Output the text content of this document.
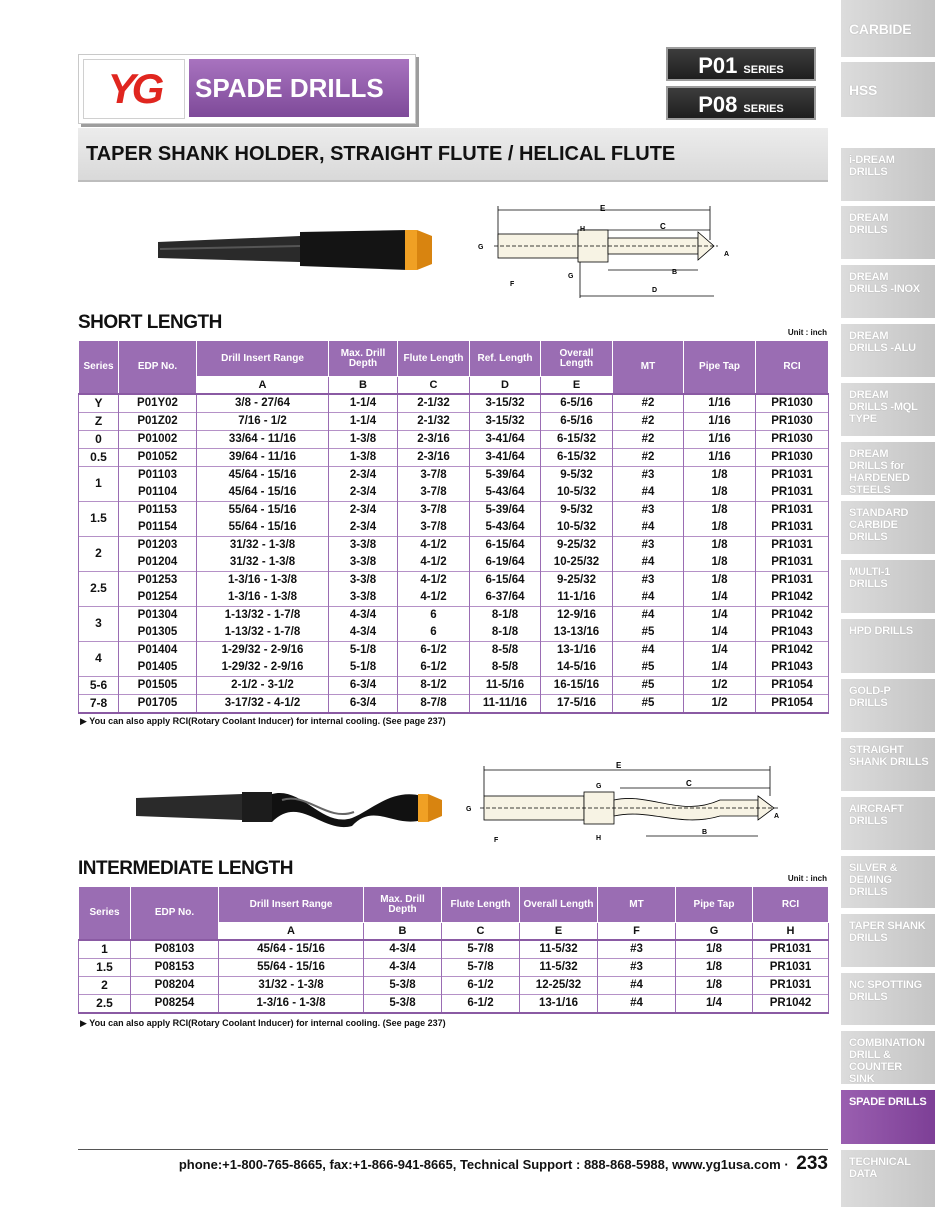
CARBIDE
HSS
i-DREAM DRILLS
DREAM DRILLS
DREAM DRILLS -INOX
DREAM DRILLS -ALU
DREAM DRILLS -MQL TYPE
DREAM DRILLS for HARDENED STEELS
STANDARD CARBIDE DRILLS
MULTI-1 DRILLS
HPD DRILLS
GOLD-P DRILLS
STRAIGHT SHANK DRILLS
AIRCRAFT DRILLS
SILVER & DEMING DRILLS
TAPER SHANK DRILLS
NC SPOTTING DRILLS
COMBINATION DRILL & COUNTER SINK
SPADE DRILLS
TECHNICAL DATA
YG SPADE DRILLS
P01 SERIES
P08 SERIES
TAPER SHANK HOLDER, STRAIGHT FLUTE / HELICAL FLUTE
E
C
H
G
A
B
G
F
D
SHORT LENGTH	Unit : inch
Series	EDP No.	Drill Insert Range	Max. Drill Depth	Flute Length	Ref. Length	Overall Length	MT	Pipe Tap	RCI
		A	B	C	D	E			
Y	P01Y02	3/8 - 27/64	1-1/4	2-1/32	3-15/32	6-5/16	#2	1/16	PR1030
Z	P01Z02	7/16 - 1/2	1-1/4	2-1/32	3-15/32	6-5/16	#2	1/16	PR1030
0	P01002	33/64 - 11/16	1-3/8	2-3/16	3-41/64	6-15/32	#2	1/16	PR1030
0.5	P01052	39/64 - 11/16	1-3/8	2-3/16	3-41/64	6-15/32	#2	1/16	PR1030
1	P01103	45/64 - 15/16	2-3/4	3-7/8	5-39/64	9-5/32	#3	1/8	PR1031
	P01104	45/64 - 15/16	2-3/4	3-7/8	5-43/64	10-5/32	#4	1/8	PR1031
1.5	P01153	55/64 - 15/16	2-3/4	3-7/8	5-39/64	9-5/32	#3	1/8	PR1031
	P01154	55/64 - 15/16	2-3/4	3-7/8	5-43/64	10-5/32	#4	1/8	PR1031
2	P01203	31/32 - 1-3/8	3-3/8	4-1/2	6-15/64	9-25/32	#3	1/8	PR1031
	P01204	31/32 - 1-3/8	3-3/8	4-1/2	6-19/64	10-25/32	#4	1/8	PR1031
2.5	P01253	1-3/16 - 1-3/8	3-3/8	4-1/2	6-15/64	9-25/32	#3	1/8	PR1031
	P01254	1-3/16 - 1-3/8	3-3/8	4-1/2	6-37/64	11-1/16	#4	1/4	PR1042
3	P01304	1-13/32 - 1-7/8	4-3/4	6	8-1/8	12-9/16	#4	1/4	PR1042
	P01305	1-13/32 - 1-7/8	4-3/4	6	8-1/8	13-13/16	#5	1/4	PR1043
4	P01404	1-29/32 - 2-9/16	5-1/8	6-1/2	8-5/8	13-1/16	#4	1/4	PR1042
	P01405	1-29/32 - 2-9/16	5-1/8	6-1/2	8-5/8	14-5/16	#5	1/4	PR1043
5-6	P01505	2-1/2 - 3-1/2	6-3/4	8-1/2	11-5/16	16-15/16	#5	1/2	PR1054
7-8	P01705	3-17/32 - 4-1/2	6-3/4	8-7/8	11-11/16	17-5/16	#5	1/2	PR1054
▶ You can also apply RCI(Rotary Coolant Inducer) for internal cooling. (See page 237)
E
C
G
G
A
F	H
B
INTERMEDIATE LENGTH	Unit : inch
Series	EDP No.	Drill Insert Range	Max. Drill Depth	Flute Length	Overall Length	MT	Pipe Tap	RCI
		A	B	C	E	F	G	H
1	P08103	45/64 - 15/16	4-3/4	5-7/8	11-5/32	#3	1/8	PR1031
1.5	P08153	55/64 - 15/16	4-3/4	5-7/8	11-5/32	#3	1/8	PR1031
2	P08204	31/32 - 1-3/8	5-3/8	6-1/2	12-25/32	#4	1/8	PR1031
2.5	P08254	1-3/16 - 1-3/8	5-3/8	6-1/2	13-1/16	#4	1/4	PR1042
▶ You can also apply RCI(Rotary Coolant Inducer) for internal cooling. (See page 237)
phone:+1-800-765-8665, fax:+1-866-941-8665, Technical Support : 888-868-5988, www.yg1usa.com · 233
